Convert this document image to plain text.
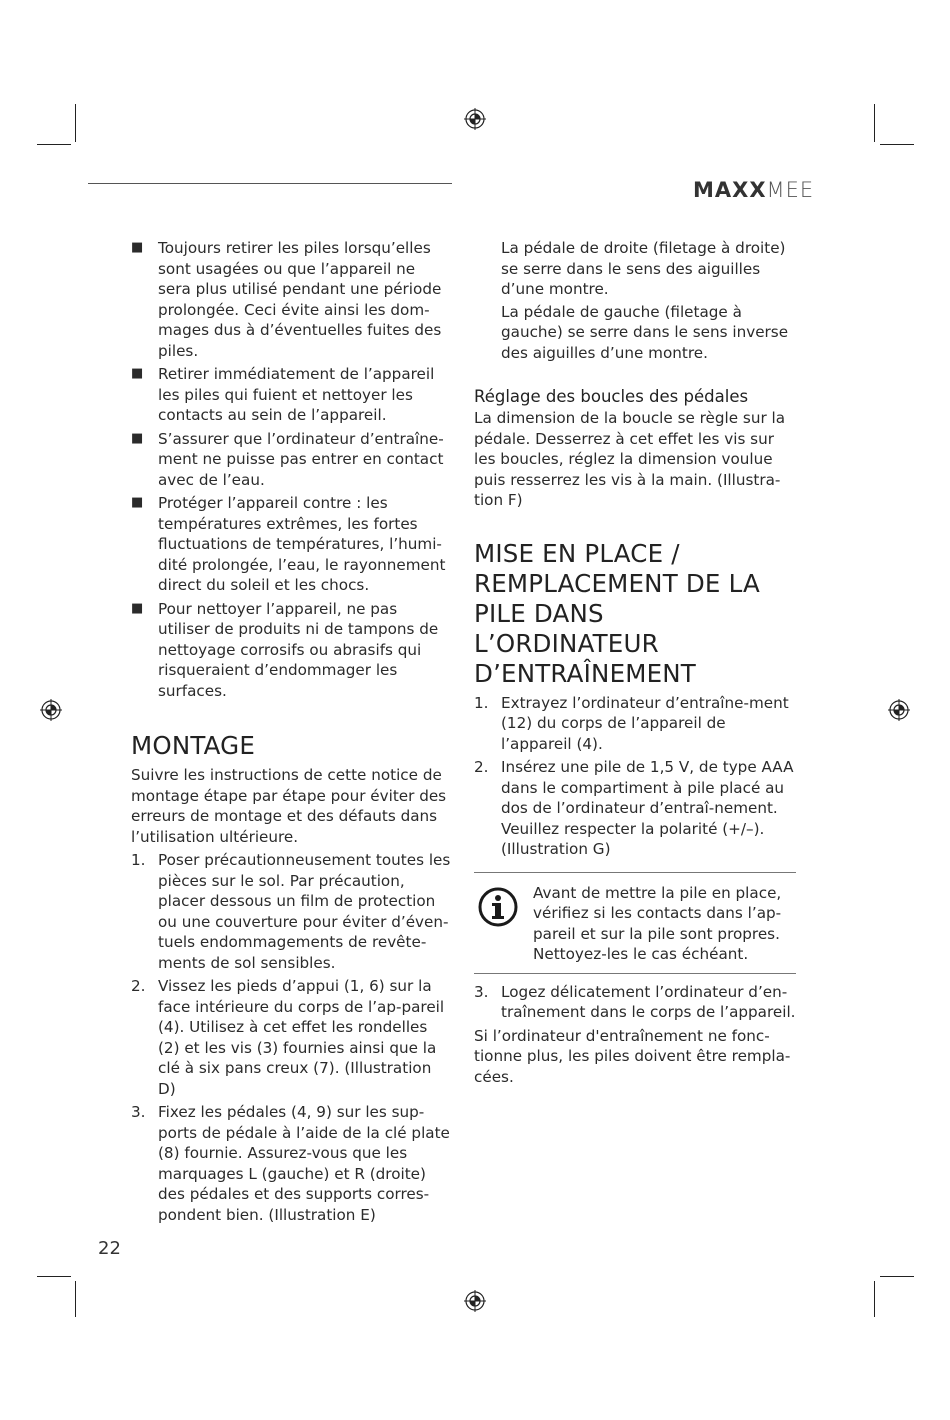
MAXXMEE
■ Toujours retirer les piles lorsqu’elles sont usagées ou que l’appareil ne sera plus utilisé pendant une période prolongée. Ceci évite ainsi les dom-mages dus à d’éventuelles fuites des piles.
■ Retirer immédiatement de l’appareil les piles qui fuient et nettoyer les contacts au sein de l’appareil.
■ S’assurer que l’ordinateur d’entraîne-ment ne puisse pas entrer en contact avec de l’eau.
■ Protéger l’appareil contre : les températures extrêmes, les fortes fluctuations de températures, l’humi-dité prolongée, l’eau, le rayonnement direct du soleil et les chocs.
■ Pour nettoyer l’appareil, ne pas utiliser de produits ni de tampons de nettoyage corrosifs ou abrasifs qui risqueraient d’endommager les surfaces.
MONTAGE

Suivre les instructions de cette notice de montage étape par étape pour éviter des erreurs de montage et des défauts dans l’utilisation ultérieure.

1. Poser précautionneusement toutes les pièces sur le sol. Par précaution, placer dessous un film de protection ou une couverture pour éviter d’éven-tuels endommagements de revête-ments de sol sensibles.
2. Vissez les pieds d’appui (1, 6) sur la face intérieure du corps de l’ap-pareil (4). Utilisez à cet effet les rondelles (2) et les vis (3) fournies ainsi que la clé à six pans creux (7). (Illustration D)
3. Fixez les pédales (4, 9) sur les sup-ports de pédale à l’aide de la clé plate (8) fournie. Assurez-vous que les marquages L (gauche) et R (droite) des pédales et des supports corres-pondent bien. (Illustration E)

La pédale de droite (filetage à droite) se serre dans le sens des aiguilles d’une montre.

La pédale de gauche (filetage à gauche) se serre dans le sens inverse des aiguilles d’une montre.

Réglage des boucles des pédales

La dimension de la boucle se règle sur la pédale. Desserrez à cet effet les vis sur les boucles, réglez la dimension voulue puis resserrez les vis à la main. (Illustra-tion F)

MISE EN PLACE / REMPLACEMENT DE LA PILE DANS L’ORDINATEUR D’ENTRAÎNEMENT
1. Extrayez l’ordinateur d’entraîne-ment (12) du corps de l’appareil de l’appareil (4).
2. Insérez une pile de 1,5 V, de type AAA dans le compartiment à pile placé au dos de l’ordinateur d’entraî-nement. Veuillez respecter la polarité (+/–). (Illustration G)

Avant de mettre la pile en place, vérifiez si les contacts dans l’ap-pareil et sur la pile sont propres. Nettoyez-les le cas échéant.

3. Logez délicatement l’ordinateur d’en-traînement dans le corps de l’appareil.

Si l’ordinateur d'entraînement ne fonc-tionne plus, les piles doivent être rempla-cées.

22
